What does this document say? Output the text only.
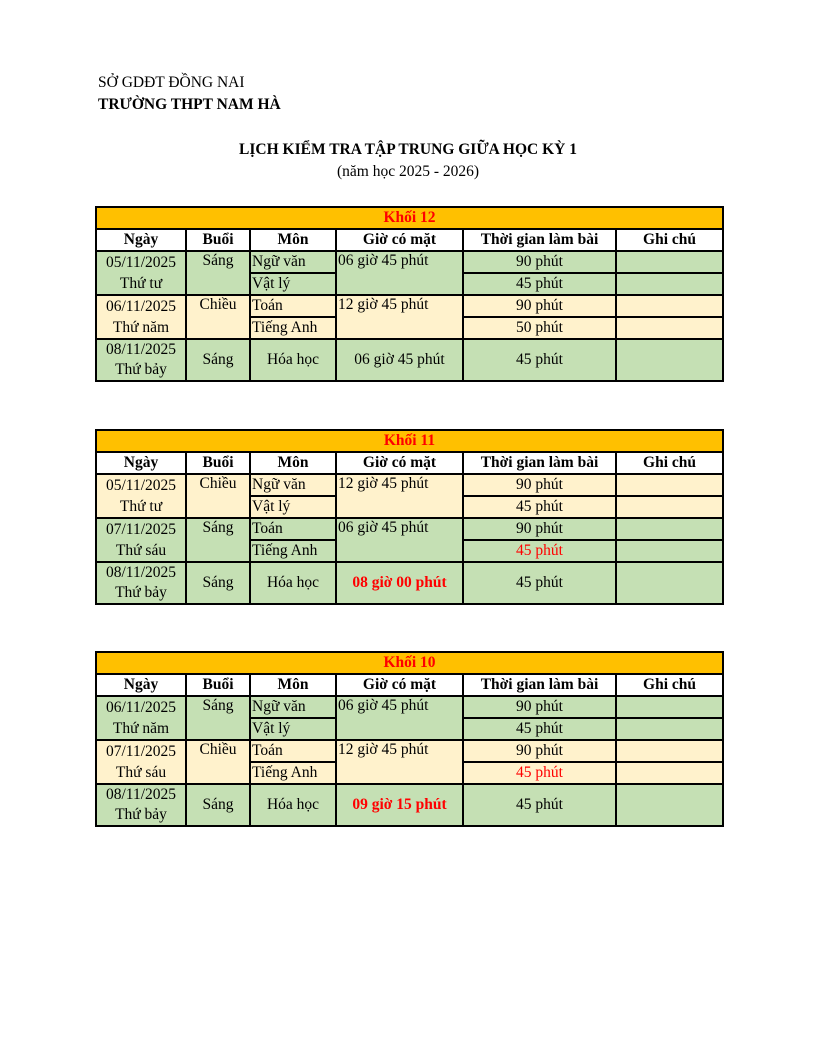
SỞ GDĐT ĐỒNG NAI
TRƯỜNG THPT NAM HÀ
LỊCH KIỂM TRA TẬP TRUNG GIỮA HỌC KỲ 1
(năm học 2025 - 2026)
Khối 12					
Ngày	Buổi	Môn	Giờ có mặt	Thời gian làm bài	Ghi chú
05/11/2025	Sáng	Ngữ văn	06 giờ 45 phút	90 phút	
Thứ tư		Vật lý		45 phút	
06/11/2025	Chiều	Toán	12 giờ 45 phút	90 phút	
Thứ năm		Tiếng Anh		50 phút	
08/11/2025	Sáng	Hóa học	06 giờ 45 phút	45 phút	
Thứ bảy					
Khối 11					
Ngày	Buổi	Môn	Giờ có mặt	Thời gian làm bài	Ghi chú
05/11/2025	Chiều	Ngữ văn	12 giờ 45 phút	90 phút	
Thứ tư		Vật lý		45 phút	
07/11/2025	Sáng	Toán	06 giờ 45 phút	90 phút	
Thứ sáu		Tiếng Anh		45 phút	
08/11/2025	Sáng	Hóa học	08 giờ 00 phút	45 phút	
Thứ bảy					
Khối 10					
Ngày	Buổi	Môn	Giờ có mặt	Thời gian làm bài	Ghi chú
06/11/2025	Sáng	Ngữ văn	06 giờ 45 phút	90 phút	
Thứ năm		Vật lý		45 phút	
07/11/2025	Chiều	Toán	12 giờ 45 phút	90 phút	
Thứ sáu		Tiếng Anh		45 phút	
08/11/2025	Sáng	Hóa học	09 giờ 15 phút	45 phút	
Thứ bảy					
